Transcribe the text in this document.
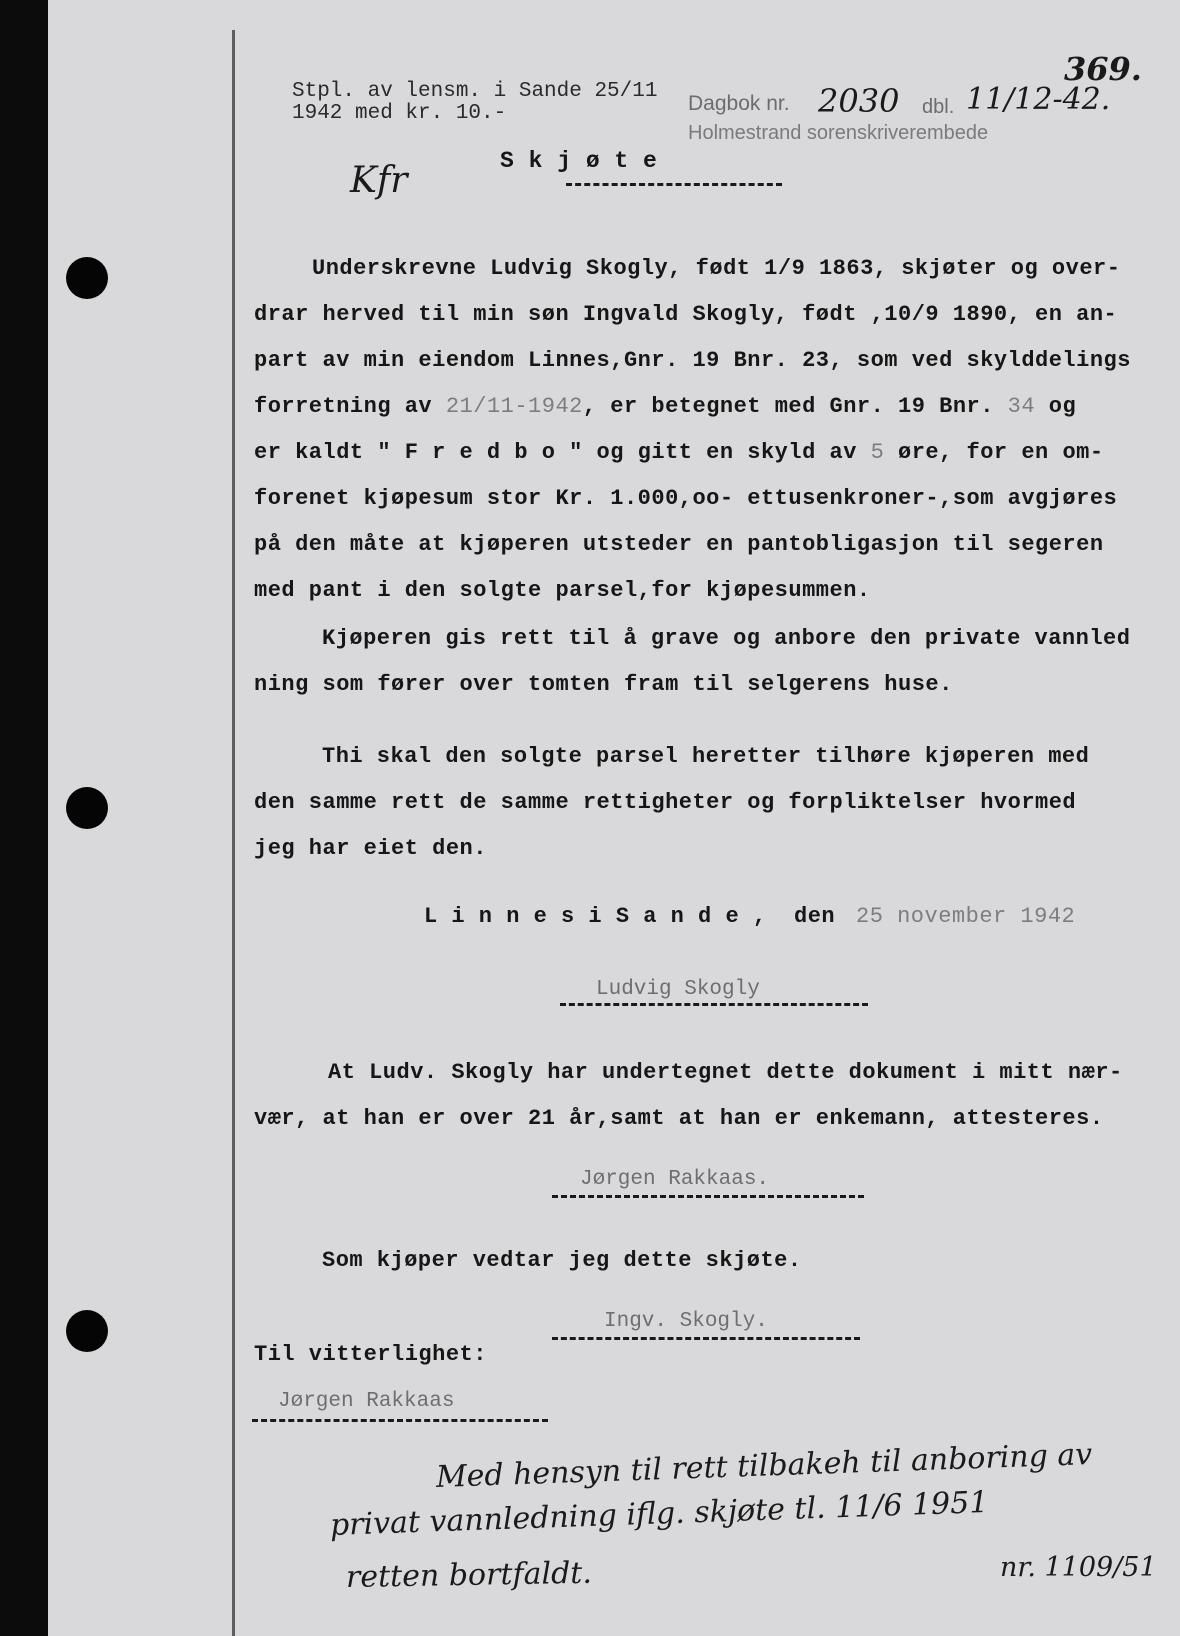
369.
Stpl. av lensm. i Sande 25/11
1942 med kr. 10.-	Dagbok nr. 2030 dbl. 11/12-42.
Holmestrand sorenskriverembede
Kfr	S k j ø t e
Underskrevne Ludvig Skogly, født 1/9 1863, skjøter og over-
drar herved til min søn Ingvald Skogly, født ,10/9 1890, en an-
part av min eiendom Linnes,Gnr. 19 Bnr. 23, som ved skylddelings
forretning av 21/11-1942, er betegnet med Gnr. 19 Bnr. 34 og
er kaldt " F r e d b o " og gitt en skyld av 5 øre, for en om-
forenet kjøpesum stor Kr. 1.000,oo- ettusenkroner-,som avgjøres
på den måte at kjøperen utsteder en pantobligasjon til segeren
med pant i den solgte parsel,for kjøpesummen.
Kjøperen gis rett til å grave og anbore den private vannled
ning som fører over tomten fram til selgerens huse.
Thi skal den solgte parsel heretter tilhøre kjøperen med
den samme rett de samme rettigheter og forpliktelser hvormed
jeg har eiet den.
L i n n e s i S a n d e , den 25 november 1942
Ludvig Skogly
At Ludv. Skogly har undertegnet dette dokument i mitt nær-
vær, at han er over 21 år,samt at han er enkemann, attesteres.
Jørgen Rakkaas.
Som kjøper vedtar jeg dette skjøte.
Ingv. Skogly.
Til vitterlighet:
Jørgen Rakkaas
Med hensyn til rett tilbakeh til anboring av
privat vannledning iflg. skjøte tl. 11/6 1951
retten bortfaldt.	nr. 1109/51
